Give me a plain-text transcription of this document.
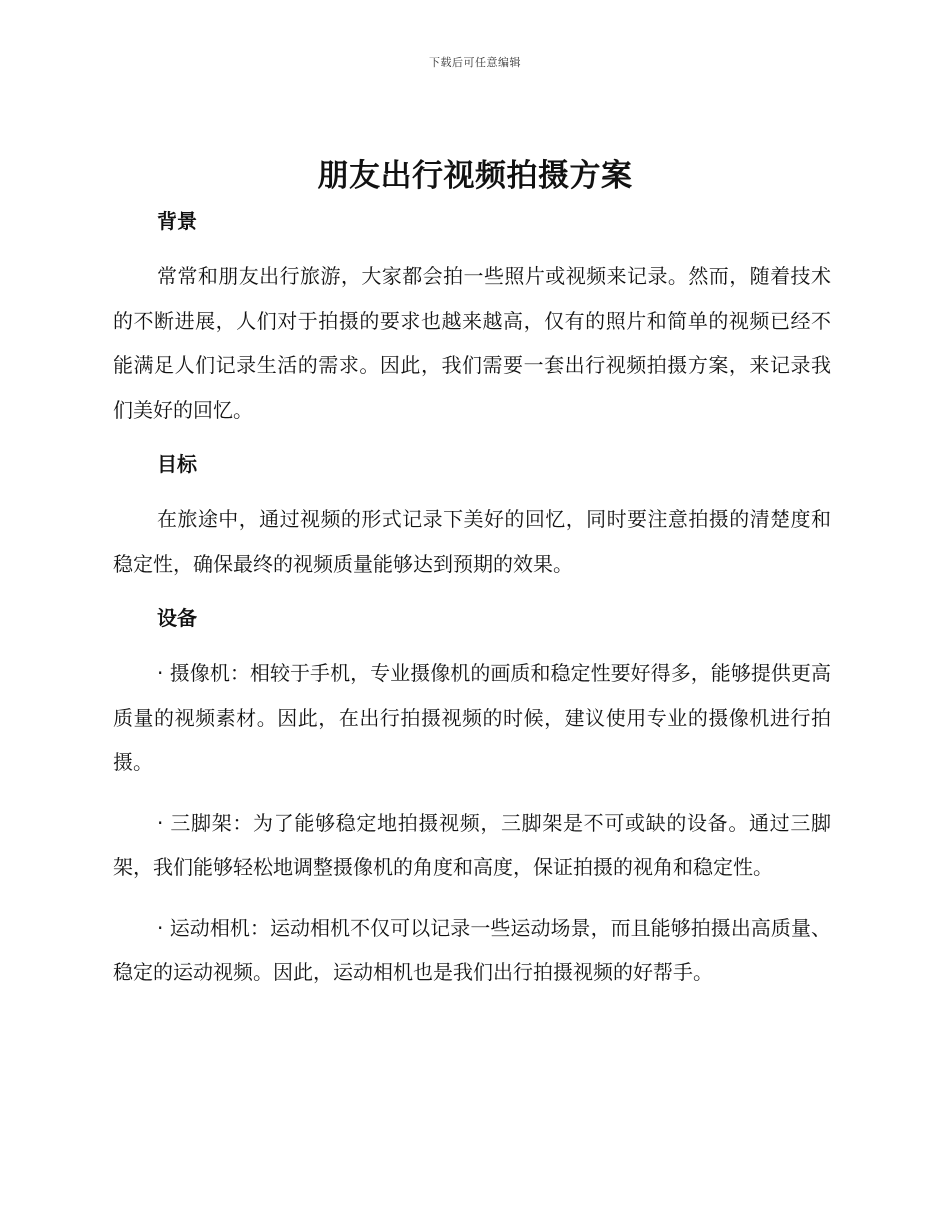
下载后可任意编辑
朋友出行视频拍摄方案
背景

常常和朋友出行旅游，大家都会拍一些照片或视频来记录。然而，随着技术的不断进展，人们对于拍摄的要求也越来越高，仅有的照片和简单的视频已经不能满足人们记录生活的需求。因此，我们需要一套出行视频拍摄方案，来记录我们美好的回忆。

目标

在旅途中，通过视频的形式记录下美好的回忆，同时要注意拍摄的清楚度和稳定性，确保最终的视频质量能够达到预期的效果。

设备

· 摄像机：相较于手机，专业摄像机的画质和稳定性要好得多，能够提供更高质量的视频素材。因此，在出行拍摄视频的时候，建议使用专业的摄像机进行拍摄。

· 三脚架：为了能够稳定地拍摄视频，三脚架是不可或缺的设备。通过三脚架，我们能够轻松地调整摄像机的角度和高度，保证拍摄的视角和稳定性。

· 运动相机：运动相机不仅可以记录一些运动场景，而且能够拍摄出高质量、稳定的运动视频。因此，运动相机也是我们出行拍摄视频的好帮手。
